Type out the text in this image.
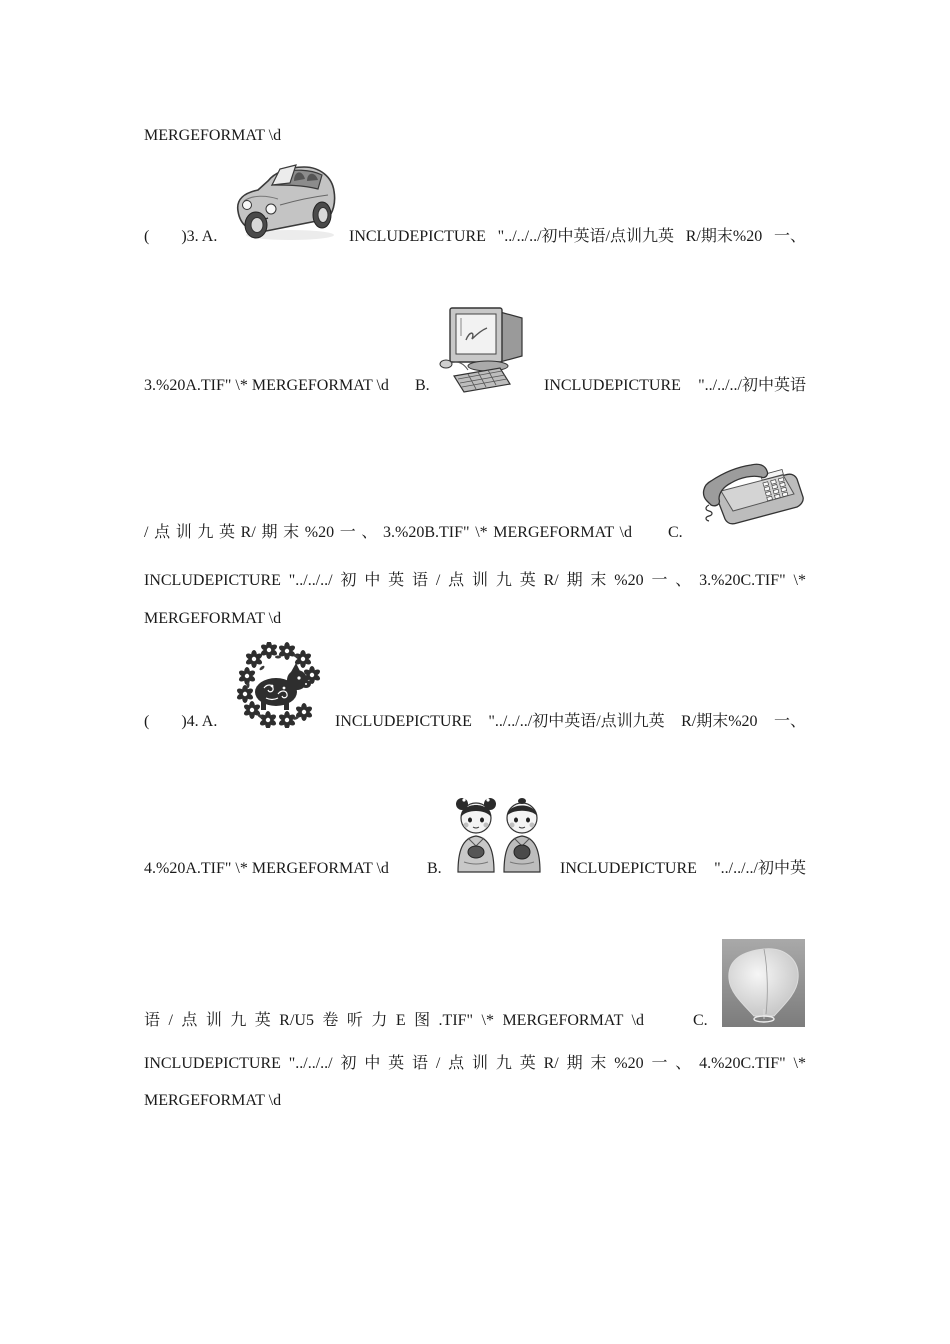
MERGEFORMAT \d
(        )3. A.	INCLUDEPICTURE "../../../初中英语/点训九英 R/期末%20 一、
3.%20A.TIF" \* MERGEFORMAT \d B.	INCLUDEPICTURE "../../../初中英语
/ 点 训 九 英 R/ 期 末 %20 一 、 3.%20B.TIF" \* MERGEFORMAT \d C.
INCLUDEPICTURE "../../../ 初 中 英 语 / 点 训 九 英 R/ 期 末 %20 一 、 3.%20C.TIF" \*
MERGEFORMAT \d
(        )4. A.	INCLUDEPICTURE "../../../初中英语/点训九英 R/期末%20 一、
4.%20A.TIF" \* MERGEFORMAT \d B.	INCLUDEPICTURE "../../../初中英
语 / 点 训 九 英 R/U5 卷 听 力 E 图 .TIF" \* MERGEFORMAT \d	C.
INCLUDEPICTURE "../../../ 初 中 英 语 / 点 训 九 英 R/ 期 末 %20 一 、 4.%20C.TIF" \*
MERGEFORMAT \d
